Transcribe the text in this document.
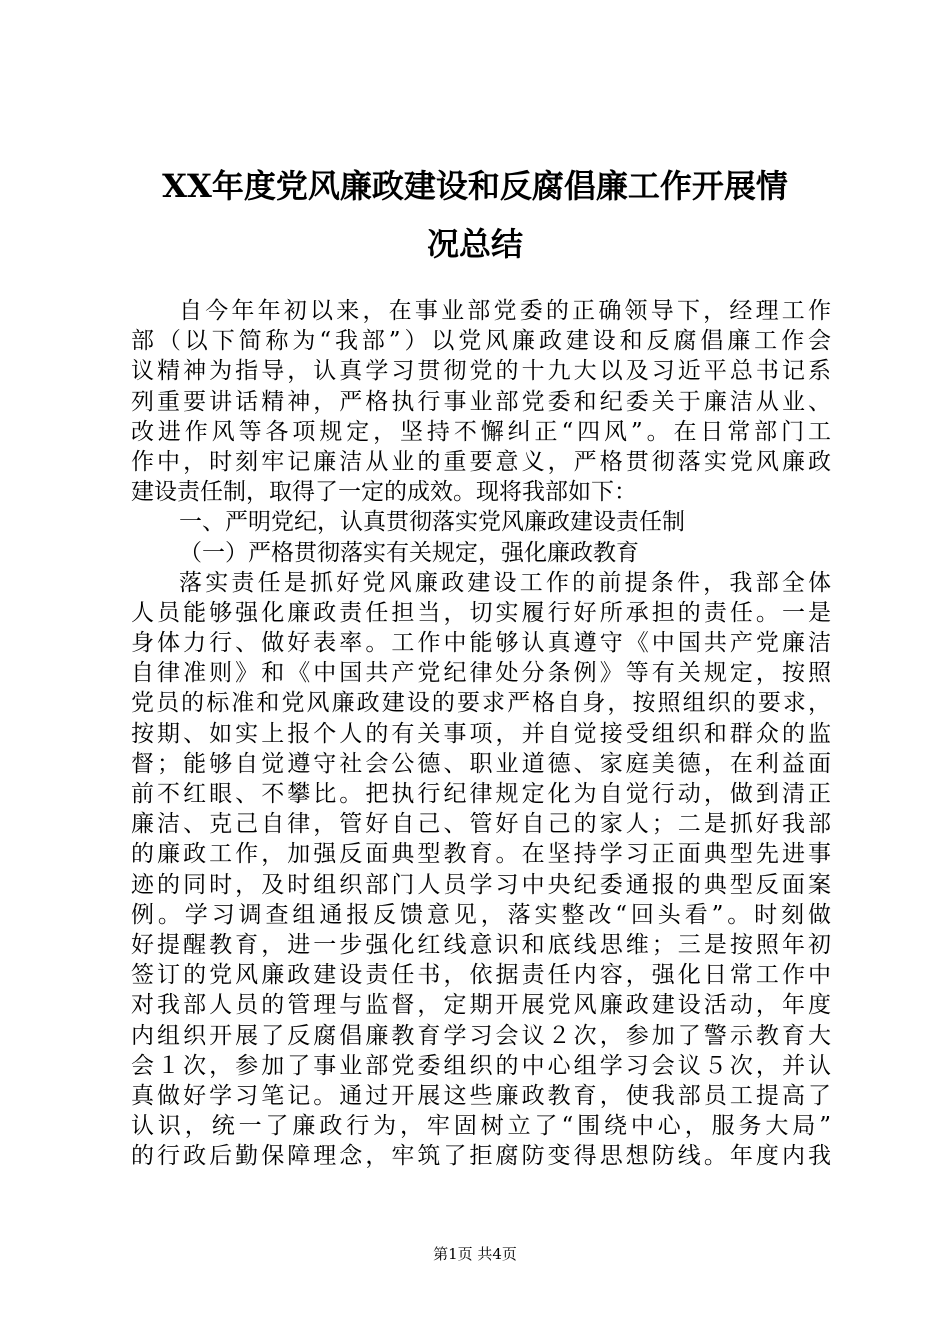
XX年度党风廉政建设和反腐倡廉工作开展情
况总结
自今年年初以来，在事业部党委的正确领导下，经理工作
部（以下简称为“我部”）以党风廉政建设和反腐倡廉工作会
议精神为指导，认真学习贯彻党的十九大以及习近平总书记系
列重要讲话精神，严格执行事业部党委和纪委关于廉洁从业、
改进作风等各项规定，坚持不懈纠正“四风”。在日常部门工
作中，时刻牢记廉洁从业的重要意义，严格贯彻落实党风廉政
建设责任制，取得了一定的成效。现将我部如下：
一、严明党纪，认真贯彻落实党风廉政建设责任制
（一）严格贯彻落实有关规定，强化廉政教育
落实责任是抓好党风廉政建设工作的前提条件，我部全体
人员能够强化廉政责任担当，切实履行好所承担的责任。一是
身体力行、做好表率。工作中能够认真遵守《中国共产党廉洁
自律准则》和《中国共产党纪律处分条例》等有关规定，按照
党员的标准和党风廉政建设的要求严格自身，按照组织的要求，
按期、如实上报个人的有关事项，并自觉接受组织和群众的监
督；能够自觉遵守社会公德、职业道德、家庭美德，在利益面
前不红眼、不攀比。把执行纪律规定化为自觉行动，做到清正
廉洁、克己自律，管好自己、管好自己的家人；二是抓好我部
的廉政工作，加强反面典型教育。在坚持学习正面典型先进事
迹的同时，及时组织部门人员学习中央纪委通报的典型反面案
例。学习调查组通报反馈意见，落实整改“回头看”。时刻做
好提醒教育，进一步强化红线意识和底线思维；三是按照年初
签订的党风廉政建设责任书，依据责任内容，强化日常工作中
对我部人员的管理与监督，定期开展党风廉政建设活动，年度
内组织开展了反腐倡廉教育学习会议２次，参加了警示教育大
会１次，参加了事业部党委组织的中心组学习会议５次，并认
真做好学习笔记。通过开展这些廉政教育，使我部员工提高了
认识，统一了廉政行为，牢固树立了“围绕中心，服务大局”
的行政后勤保障理念，牢筑了拒腐防变得思想防线。年度内我
第1页 共4页
